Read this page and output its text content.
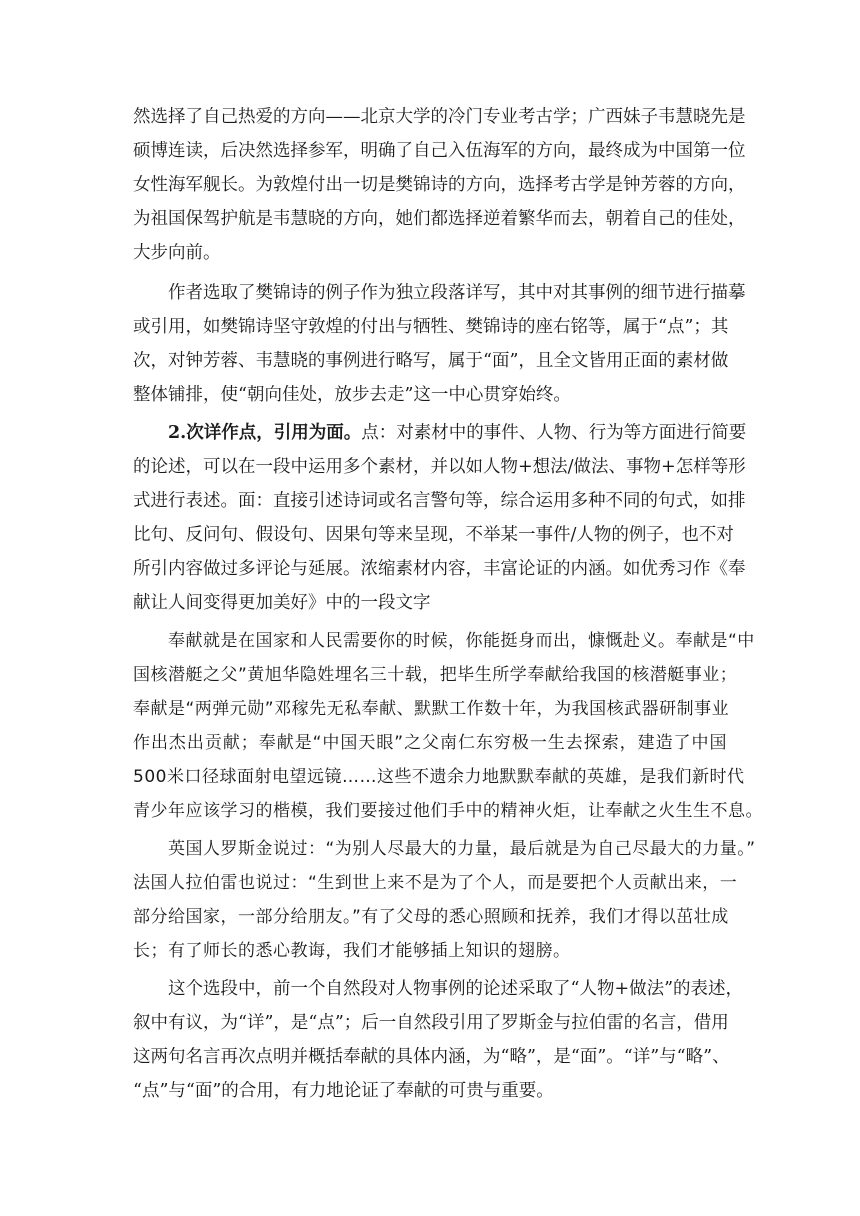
然选择了自己热爱的方向——北京大学的冷门专业考古学；广西妹子韦慧晓先是
硕博连读，后决然选择参军，明确了自己入伍海军的方向，最终成为中国第一位
女性海军舰长。为敦煌付出一切是樊锦诗的方向，选择考古学是钟芳蓉的方向，
为祖国保驾护航是韦慧晓的方向，她们都选择逆着繁华而去，朝着自己的佳处，
大步向前。
作者选取了樊锦诗的例子作为独立段落详写，其中对其事例的细节进行描摹
或引用，如樊锦诗坚守敦煌的付出与牺牲、樊锦诗的座右铭等，属于“点”；其
次，对钟芳蓉、韦慧晓的事例进行略写，属于“面”，且全文皆用正面的素材做
整体铺排，使“朝向佳处，放步去走”这一中心贯穿始终。
2.次详作点，引用为面。点：对素材中的事件、人物、行为等方面进行简要
的论述，可以在一段中运用多个素材，并以如人物+想法/做法、事物+怎样等形
式进行表述。面：直接引述诗词或名言警句等，综合运用多种不同的句式，如排
比句、反问句、假设句、因果句等来呈现，不举某一事件/人物的例子，也不对
所引内容做过多评论与延展。浓缩素材内容，丰富论证的内涵。如优秀习作《奉
献让人间变得更加美好》中的一段文字
奉献就是在国家和人民需要你的时候，你能挺身而出，慷慨赴义。奉献是“中
国核潜艇之父”黄旭华隐姓埋名三十载，把毕生所学奉献给我国的核潜艇事业；
奉献是“两弹元勋”邓稼先无私奉献、默默工作数十年，为我国核武器研制事业
作出杰出贡献；奉献是“中国天眼”之父南仁东穷极一生去探索，建造了中国
500米口径球面射电望远镜……这些不遗余力地默默奉献的英雄，是我们新时代
青少年应该学习的楷模，我们要接过他们手中的精神火炬，让奉献之火生生不息。
英国人罗斯金说过：“为别人尽最大的力量，最后就是为自己尽最大的力量。”
法国人拉伯雷也说过：“生到世上来不是为了个人，而是要把个人贡献出来，一
部分给国家，一部分给朋友。”有了父母的悉心照顾和抚养，我们才得以茁壮成
长；有了师长的悉心教诲，我们才能够插上知识的翅膀。
这个选段中，前一个自然段对人物事例的论述采取了“人物+做法”的表述，
叙中有议，为“详”，是“点”；后一自然段引用了罗斯金与拉伯雷的名言，借用
这两句名言再次点明并概括奉献的具体内涵，为“略”，是“面”。“详”与“略”、
“点”与“面”的合用，有力地论证了奉献的可贵与重要。
